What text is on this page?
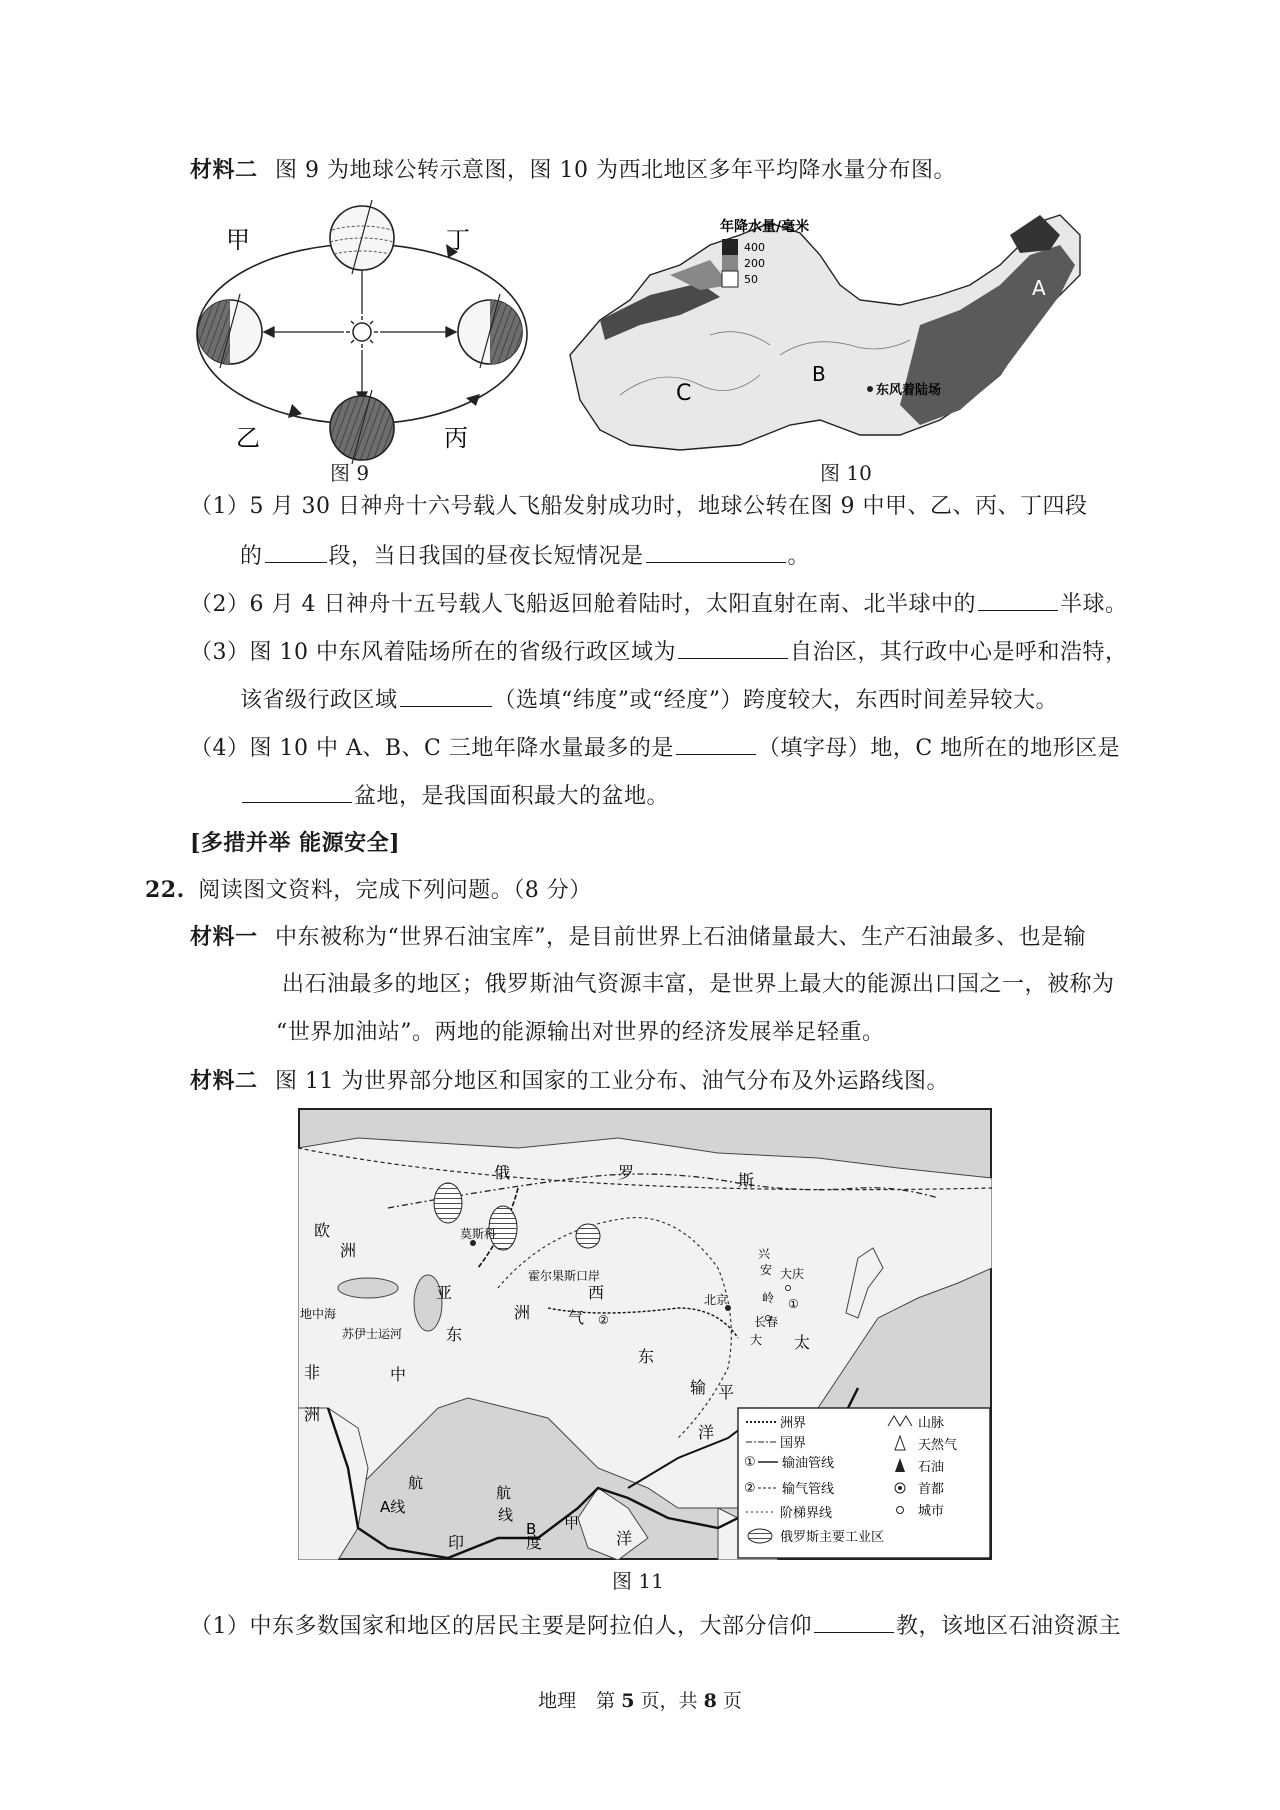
材料二 图 9 为地球公转示意图，图 10 为西北地区多年平均降水量分布图。
甲	丁
乙	丙
图 9
年降水量/毫米
400
200
50	A
B
C	东风着陆场
图 10
（1）5 月 30 日神舟十六号载人飞船发射成功时，地球公转在图 9 中甲、乙、丙、丁四段
的	段，当日我国的昼夜长短情况是	。
（2）6 月 4 日神舟十五号载人飞船返回舱着陆时，太阳直射在南、北半球中的	半球。
（3）图 10 中东风着陆场所在的省级行政区域为	自治区，其行政中心是呼和浩特，
该省级行政区域	（选填“纬度”或“经度”）跨度较大，东西时间差异较大。
（4）图 10 中 A、B、C 三地年降水量最多的是	（填字母）地，C 地所在的地形区是
盆地，是我国面积最大的盆地。
[多措并举 能源安全]
22. 阅读图文资料，完成下列问题。（8 分）
材料一 中东被称为“世界石油宝库”，是目前世界上石油储量最大、生产石油最多、也是输
出石油最多的地区；俄罗斯油气资源丰富，是世界上最大的能源出口国之一，被称为
“世界加油站”。两地的能源输出对世界的经济发展举足轻重。
材料二 图 11 为世界部分地区和国家的工业分布、油气分布及外运路线图。
俄	罗	斯
欧
洲
亚
洲
东
中
非
洲
西
气
东
输
太
平
洋
印	度	洋
莫斯科
霍尔果斯口岸
北京
大庆
长春
大
兴
安
岭
苏伊士运河
地中海
①
②
航
A线
航
线
B 甲
洲界
国界
① 输油管线
② 输气管线
阶梯界线
俄罗斯主要工业区
山脉
天然气
石油
首都
城市
图 11
（1）中东多数国家和地区的居民主要是阿拉伯人，大部分信仰	教，该地区石油资源主
地理 第 5 页，共 8 页
